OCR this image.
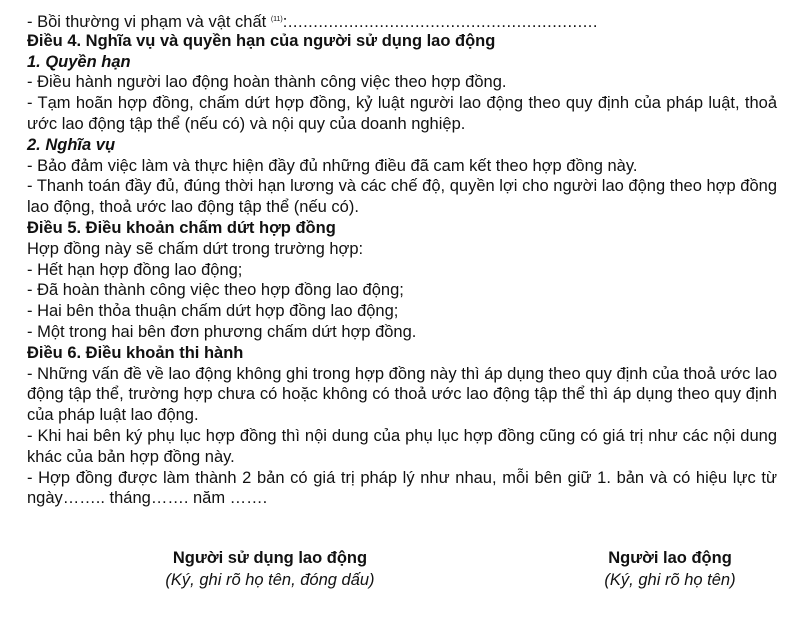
- Bồi thường vi phạm và vật chất $^{(11)}$:.............................................................
Điều 4. Nghĩa vụ và quyền hạn của người sử dụng lao động
1. Quyền hạn
- Điều hành người lao động hoàn thành công việc theo hợp đồng.
- Tạm hoãn hợp đồng, chấm dứt hợp đồng, kỷ luật người lao động theo quy định của pháp luật, thoả ước lao động tập thể (nếu có) và nội quy của doanh nghiệp.
2. Nghĩa vụ
- Bảo đảm việc làm và thực hiện đầy đủ những điều đã cam kết theo hợp đồng này.
- Thanh toán đầy đủ, đúng thời hạn lương và các chế độ, quyền lợi cho người lao động theo hợp đồng lao động, thoả ước lao động tập thể (nếu có).
Điều 5. Điều khoản chấm dứt hợp đồng
Hợp đồng này sẽ chấm dứt trong trường hợp:
- Hết hạn hợp đồng lao động;
- Đã hoàn thành công việc theo hợp đồng lao động;
- Hai bên thỏa thuận chấm dứt hợp đồng lao động;
- Một trong hai bên đơn phương chấm dứt hợp đồng.
Điều 6. Điều khoản thi hành
- Những vấn đề về lao động không ghi trong hợp đồng này thì áp dụng theo quy định của thoả ước lao động tập thể, trường hợp chưa có hoặc không có thoả ước lao động tập thể thì áp dụng theo quy định của pháp luật lao động.
- Khi hai bên ký phụ lục hợp đồng thì nội dung của phụ lục hợp đồng cũng có giá trị như các nội dung khác của bản hợp đồng này.
- Hợp đồng được làm thành 2 bản có giá trị pháp lý như nhau, mỗi bên giữ 1. bản và có hiệu lực từ ngày…….. tháng……. năm …….
Người sử dụng lao động
(Ký, ghi rõ họ tên, đóng dấu)
Người lao động
(Ký, ghi rõ họ tên)
